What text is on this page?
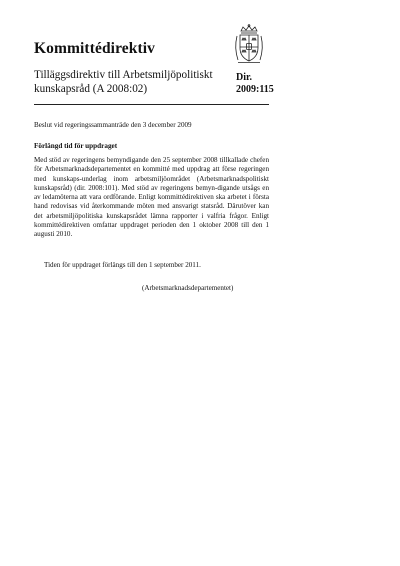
Kommittédirektiv

Tilläggsdirektiv till Arbetsmiljöpolitiskt kunskapsråd (A 2008:02)

Dir.

2009:115

Beslut vid regeringssammanträde den 3 december 2009

Förlängd tid för uppdraget

Med stöd av regeringens bemyndigande den 25 september 2008 tillkallade chefen för Arbetsmarknadsdepartementet en kommitté med uppdrag att förse regeringen med kunskaps-underlag inom arbetsmiljöområdet (Arbetsmarknadspolitiskt kunskapsråd) (dir. 2008:101). Med stöd av regeringens bemyn-digande utsågs en av ledamöterna att vara ordförande. Enligt kommittédirektiven ska arbetet i första hand redovisas vid återkommande möten med ansvarigt statsråd. Därutöver kan det arbetsmiljöpolitiska kunskapsrådet lämna rapporter i valfria frågor. Enligt kommittédirektiven omfattar uppdraget perioden den 1 oktober 2008 till den 1 augusti 2010.

Tiden för uppdraget förlängs till den 1 september 2011.

(Arbetsmarknadsdepartementet)
